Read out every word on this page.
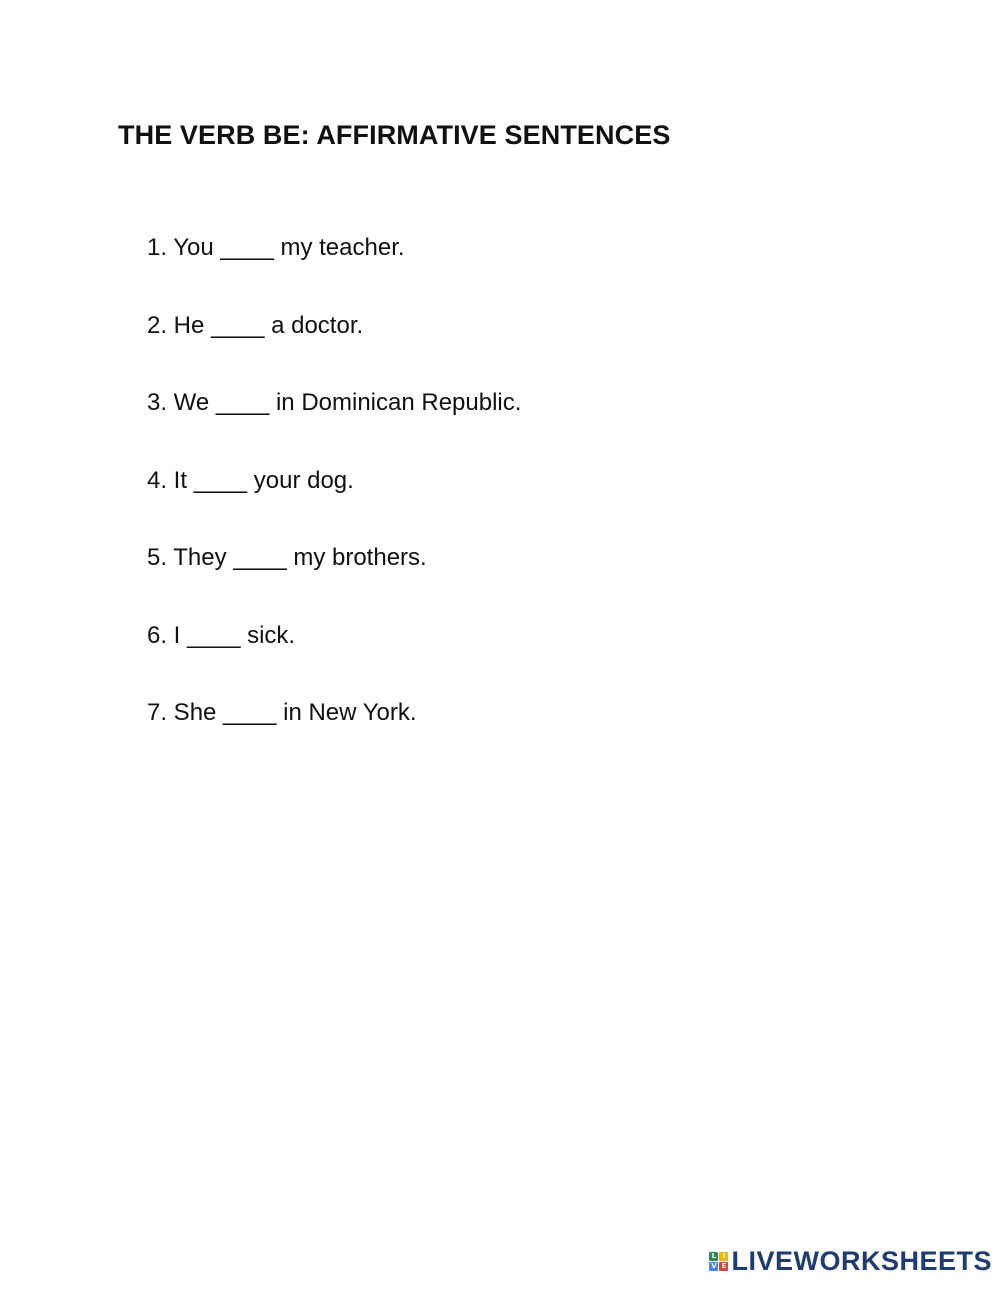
THE VERB BE: AFFIRMATIVE SENTENCES
1. You ____ my teacher.
2. He ____ a doctor.
3. We ____ in Dominican Republic.
4. It ____ your dog.
5. They ____ my brothers.
6. I ____ sick.
7. She ____ in New York.
L I
V E LIVEWORKSHEETS
